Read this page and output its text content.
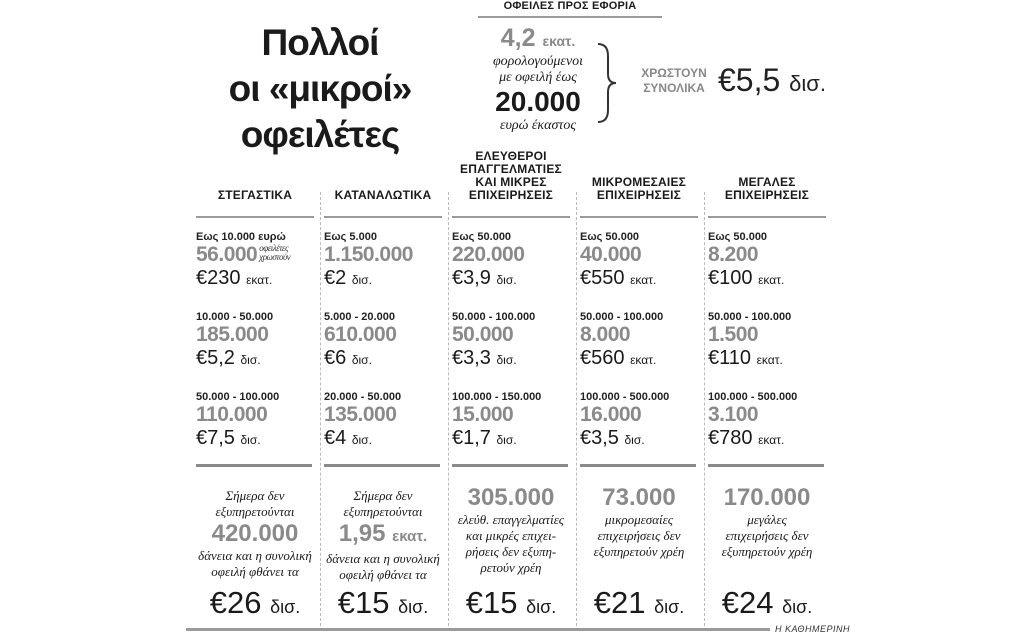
Πολλοί
οι «μικροί»
οφειλέτες
ΟΦΕΙΛΕΣ ΠΡΟΣ ΕΦΟΡΙΑ
4,2 εκατ.
φορολογούμενοι
με οφειλή έως
20.000
ευρώ έκαστος
ΧΡΩΣΤΟΥΝ
ΣΥΝΟΛΙΚΑ €5,5 δισ.
ΣΤΕΓΑΣΤΙΚΑ
Εως 10.000 ευρώ
56.000 οφειλέτες χρωστούν
€230 εκατ.
10.000 - 50.000
185.000
€5,2 δισ.
50.000 - 100.000
110.000
€7,5 δισ.
Σήμερα δεν
εξυπηρετούνται
420.000
δάνεια και η συνολική
οφειλή φθάνει τα
€26 δισ.
ΚΑΤΑΝΑΛΩΤΙΚΑ
Εως 5.000
1.150.000
€2 δισ.
5.000 - 20.000
610.000
€6 δισ.
20.000 - 50.000
135.000
€4 δισ.
Σήμερα δεν
εξυπηρετούνται
1,95 εκατ.
δάνεια και η συνολική
οφειλή φθάνει τα
€15 δισ.
ΕΛΕΥΘΕΡΟΙ
ΕΠΑΓΓΕΛΜΑΤΙΕΣ
ΚΑΙ ΜΙΚΡΕΣ
ΕΠΙΧΕΙΡΗΣΕΙΣ
Εως 50.000
220.000
€3,9 δισ.
50.000 - 100.000
50.000
€3,3 δισ.
100.000 - 150.000
15.000
€1,7 δισ.
305.000
ελεύθ. επαγγελματίες
και μικρές επιχει-
ρήσεις δεν εξυπη-
ρετούν χρέη
€15 δισ.
ΜΙΚΡΟΜΕΣΑΙΕΣ
ΕΠΙΧΕΙΡΗΣΕΙΣ
Εως 50.000
40.000
€550 εκατ.
50.000 - 100.000
8.000
€560 εκατ.
100.000 - 500.000
16.000
€3,5 δισ.
73.000
μικρομεσαίες
επιχειρήσεις δεν
εξυπηρετούν χρέη
€21 δισ.
ΜΕΓΑΛΕΣ
ΕΠΙΧΕΙΡΗΣΕΙΣ
Εως 50.000
8.200
€100 εκατ.
50.000 - 100.000
1.500
€110 εκατ.
100.000 - 500.000
3.100
€780 εκατ.
170.000
μεγάλες
επιχειρήσεις δεν
εξυπηρετούν χρέη
€24 δισ.
Η ΚΑΘΗΜΕΡΙΝΗ
